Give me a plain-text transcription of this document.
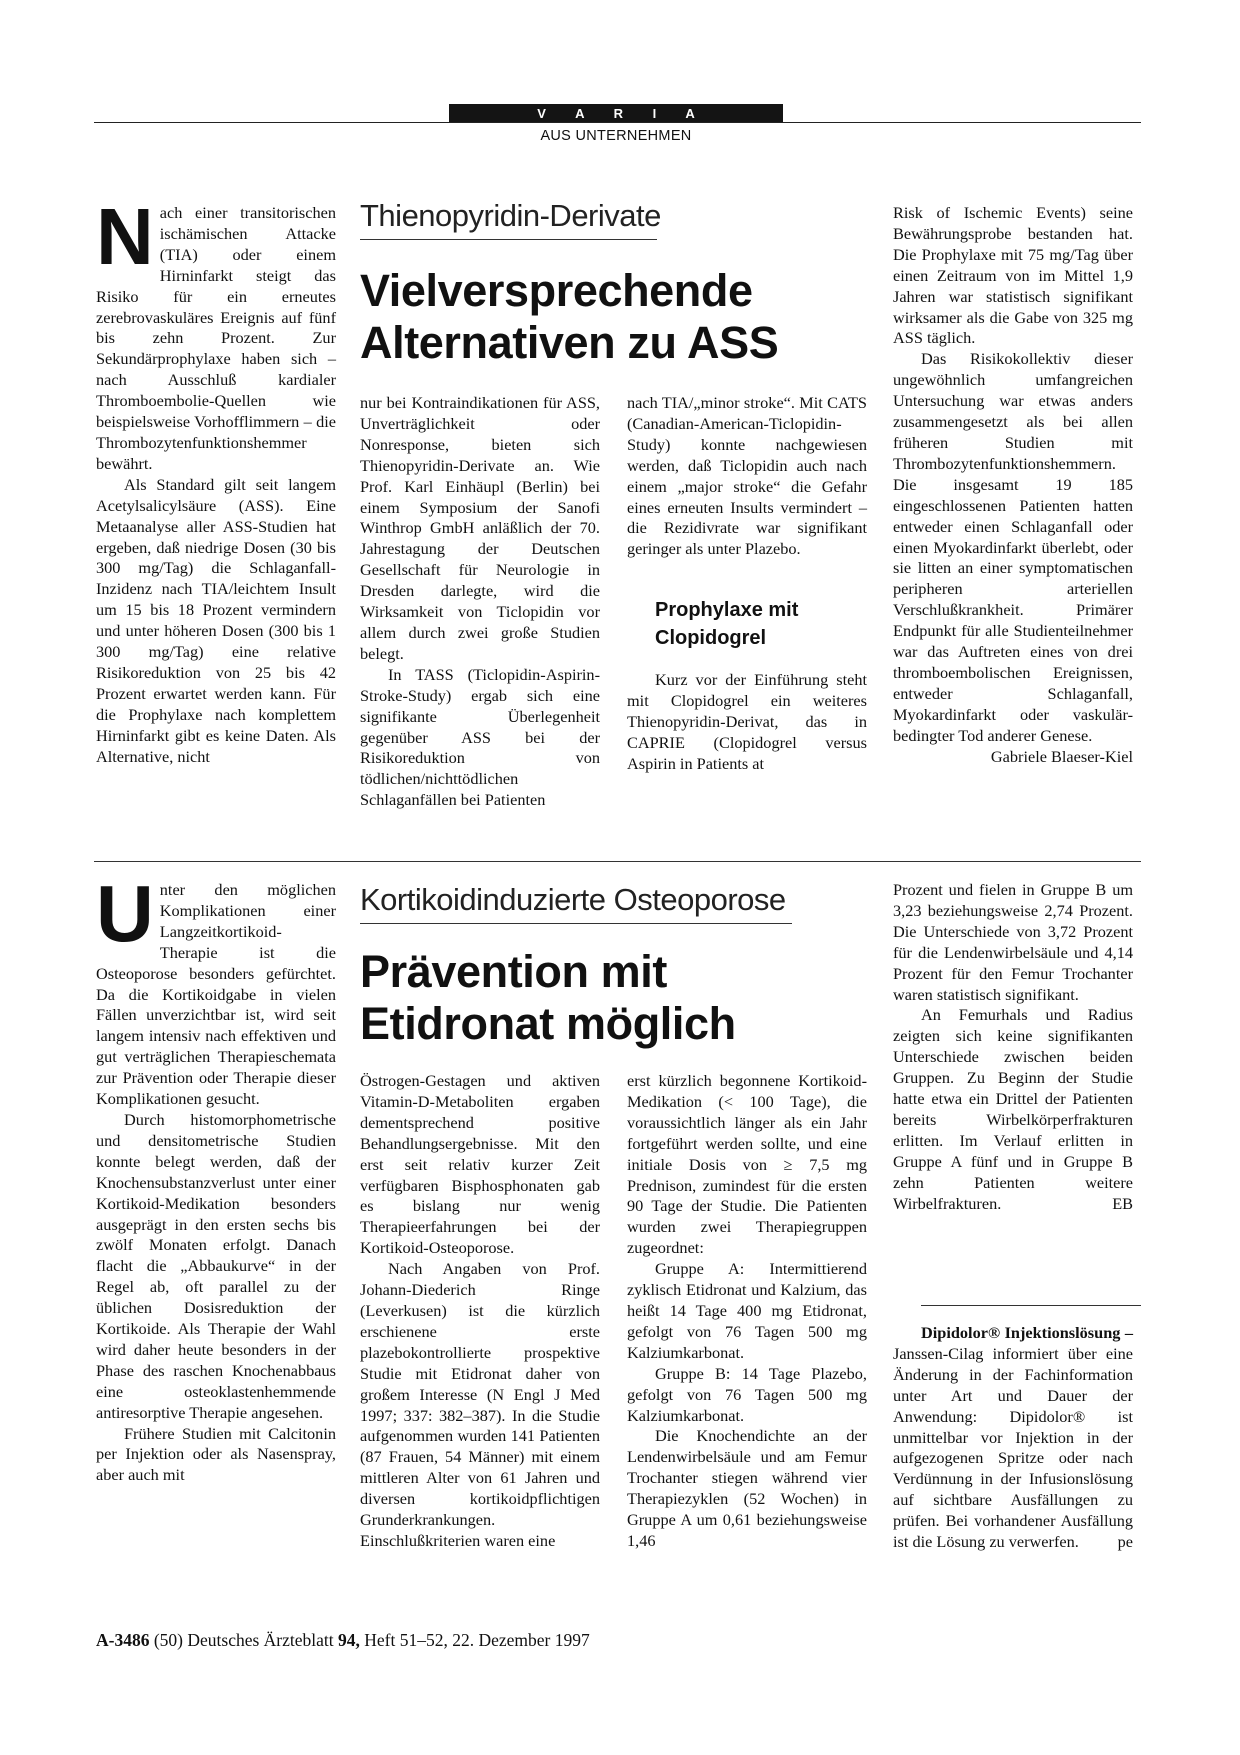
V A R I A
AUS UNTERNEHMEN
Thienopyridin-Derivate

Vielversprechende

Alternativen zu ASS

Nach einer transitorischen ischämischen Attacke (TIA) oder einem Hirninfarkt steigt das Risiko für ein erneutes zerebrovaskuläres Ereignis auf fünf bis zehn Prozent. Zur Sekundärprophylaxe haben sich – nach Ausschluß kardialer Thromboembolie-Quellen wie beispielsweise Vorhofflimmern – die Thrombozytenfunktionshemmer bewährt.

Als Standard gilt seit langem Acetylsalicylsäure (ASS). Eine Metaanalyse aller ASS-Studien hat ergeben, daß niedrige Dosen (30 bis 300 mg/Tag) die Schlaganfall-Inzidenz nach TIA/leichtem Insult um 15 bis 18 Prozent vermindern und unter höheren Dosen (300 bis 1 300 mg/Tag) eine relative Risikoreduktion von 25 bis 42 Prozent erwartet werden kann. Für die Prophylaxe nach komplettem Hirninfarkt gibt es keine Daten. Als Alternative, nicht

nur bei Kontraindikationen für ASS, Unverträglichkeit oder Nonresponse, bieten sich Thienopyridin-Derivate an. Wie Prof. Karl Einhäupl (Berlin) bei einem Symposium der Sanofi Winthrop GmbH anläßlich der 70. Jahrestagung der Deutschen Gesellschaft für Neurologie in Dresden darlegte, wird die Wirksamkeit von Ticlopidin vor allem durch zwei große Studien belegt.

In TASS (Ticlopidin-Aspirin-Stroke-Study) ergab sich eine signifikante Überlegenheit gegenüber ASS bei der Risikoreduktion von tödlichen/nichttödlichen Schlaganfällen bei Patienten

nach TIA/„minor stroke“. Mit CATS (Canadian-American-Ticlopidin-Study) konnte nachgewiesen werden, daß Ticlopidin auch nach einem „major stroke“ die Gefahr eines erneuten Insults vermindert – die Rezidivrate war signifikant geringer als unter Plazebo.

Prophylaxe mit

Clopidogrel

Kurz vor der Einführung steht mit Clopidogrel ein weiteres Thienopyridin-Derivat, das in CAPRIE (Clopidogrel versus Aspirin in Patients at

Risk of Ischemic Events) seine Bewährungsprobe bestanden hat. Die Prophylaxe mit 75 mg/Tag über einen Zeitraum von im Mittel 1,9 Jahren war statistisch signifikant wirksamer als die Gabe von 325 mg ASS täglich.

Das Risikokollektiv dieser ungewöhnlich umfangreichen Untersuchung war etwas anders zusammengesetzt als bei allen früheren Studien mit Thrombozytenfunktionshemmern. Die insgesamt 19 185 eingeschlossenen Patienten hatten entweder einen Schlaganfall oder einen Myokardinfarkt überlebt, oder sie litten an einer symptomatischen peripheren arteriellen Verschlußkrankheit. Primärer Endpunkt für alle Studienteilnehmer war das Auftreten eines von drei thromboembolischen Ereignissen, entweder Schlaganfall, Myokardinfarkt oder vaskulär-bedingter Tod anderer Genese.

Gabriele Blaeser-Kiel

Kortikoidinduzierte Osteoporose

Prävention mit

Etidronat möglich

Unter den möglichen Komplikationen einer Langzeitkortikoid-Therapie ist die Osteoporose besonders gefürchtet. Da die Kortikoidgabe in vielen Fällen unverzichtbar ist, wird seit langem intensiv nach effektiven und gut verträglichen Therapieschemata zur Prävention oder Therapie dieser Komplikationen gesucht.

Durch histomorphometrische und densitometrische Studien konnte belegt werden, daß der Knochensubstanzverlust unter einer Kortikoid-Medikation besonders ausgeprägt in den ersten sechs bis zwölf Monaten erfolgt. Danach flacht die „Abbaukurve“ in der Regel ab, oft parallel zu der üblichen Dosisreduktion der Kortikoide. Als Therapie der Wahl wird daher heute besonders in der Phase des raschen Knochenabbaus eine osteoklastenhemmende antiresorptive Therapie angesehen.

Frühere Studien mit Calcitonin per Injektion oder als Nasenspray, aber auch mit

Östrogen-Gestagen und aktiven Vitamin-D-Metaboliten ergaben dementsprechend positive Behandlungsergebnisse. Mit den erst seit relativ kurzer Zeit verfügbaren Bisphosphonaten gab es bislang nur wenig Therapieerfahrungen bei der Kortikoid-Osteoporose.

Nach Angaben von Prof. Johann-Diederich Ringe (Leverkusen) ist die kürzlich erschienene erste plazebokontrollierte prospektive Studie mit Etidronat daher von großem Interesse (N Engl J Med 1997; 337: 382–387). In die Studie aufgenommen wurden 141 Patienten (87 Frauen, 54 Männer) mit einem mittleren Alter von 61 Jahren und diversen kortikoidpflichtigen Grunderkrankungen. Einschlußkriterien waren eine

erst kürzlich begonnene Kortikoid-Medikation (< 100 Tage), die voraussichtlich länger als ein Jahr fortgeführt werden sollte, und eine initiale Dosis von ≥ 7,5 mg Prednison, zumindest für die ersten 90 Tage der Studie. Die Patienten wurden zwei Therapiegruppen zugeordnet:

Gruppe A: Intermittierend zyklisch Etidronat und Kalzium, das heißt 14 Tage 400 mg Etidronat, gefolgt von 76 Tagen 500 mg Kalziumkarbonat.

Gruppe B: 14 Tage Plazebo, gefolgt von 76 Tagen 500 mg Kalziumkarbonat.

Die Knochendichte an der Lendenwirbelsäule und am Femur Trochanter stiegen während vier Therapiezyklen (52 Wochen) in Gruppe A um 0,61 beziehungsweise 1,46

Prozent und fielen in Gruppe B um 3,23 beziehungsweise 2,74 Prozent. Die Unterschiede von 3,72 Prozent für die Lendenwirbelsäule und 4,14 Prozent für den Femur Trochanter waren statistisch signifikant.

An Femurhals und Radius zeigten sich keine signifikanten Unterschiede zwischen beiden Gruppen. Zu Beginn der Studie hatte etwa ein Drittel der Patienten bereits Wirbelkörperfrakturen erlitten. Im Verlauf erlitten in Gruppe A fünf und in Gruppe B zehn Patienten weitere Wirbelfrakturen.	EB

Dipidolor® Injektionslösung – Janssen-Cilag informiert über eine Änderung in der Fachinformation unter Art und Dauer der Anwendung: Dipidolor® ist unmittelbar vor Injektion in der aufgezogenen Spritze oder nach Verdünnung in der Infusionslösung auf sichtbare Ausfällungen zu prüfen. Bei vorhandener Ausfällung ist die Lösung zu verwerfen.	pe

A-3486 (50) Deutsches Ärzteblatt 94, Heft 51–52, 22. Dezember 1997
